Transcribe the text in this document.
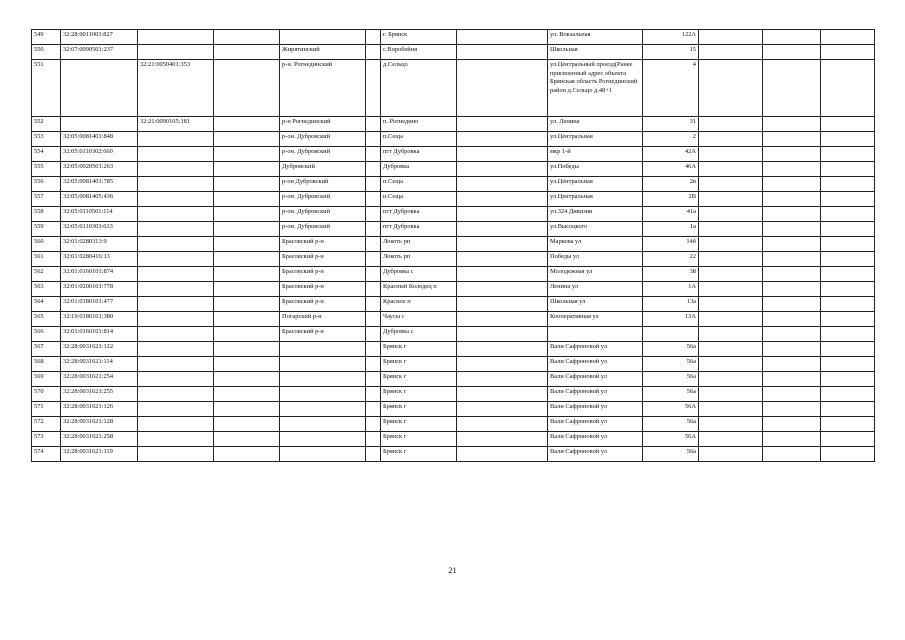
549	32:28:0011003:827					г. Брянск		ул. Вокзальная	122А			
550	32:07:0090501:237			Жирятинский		с.Воробейня		Школьная	15			
551		32:21:0050401:353		р-н. Рогнединский		д.Сельцо		ул.Центральный проезд(Ранее присвоенный адрес объекта Брянская область Рогнединский район д.Сельцо д.48+1	4			
552		32:21:0090105:181		р-н Рогнединский		п. Рогнедино		ул. Ленина	31			
553	32:05:0081401:848			р-он. Дубровский		п.Сеща		ул.Центральная	2			
554	32:05:0110302:660			р-он. Дубровский		пгт Дубровка		мкр 1-й	42А			
555	32:05:0020501:263			Дубровский		Дубровка		ул.Победы	46А			
556	32:05:0081401:785			р-он Дубровский		п.Сеща		ул.Центральная	2в			
557	32:05:0081405:436			р-он. Дубровский		п.Сеща		ул.Центральная	2В			
558	32:05:0110501:114			р-он. Дубровский		пгт Дубровка		ул.324 Дивизии	41а			
559	32:05:0110303:633			р-он. Дубровский		пгт Дубровка		ул.Высоцкого	1а			
560	32:01:0280313:9			Брасовский р-н		Локоть рп		Маркова ул	14б			
561	32:01:0280416:13			Брасовский р-н		Локоть рп		Победы ул	22			
562	32:01:0160101:874			Брасовский р-н		Дубровка с		Молодежная ул	38			
563	32:01:0200101:778			Брасовский р-н		Красный Колодец п		Ленина ул	1А			
564	32:01:0180101:477			Брасовский р-н		Красное п		Школьная ул	13а			
565	32:19:0180101:380			Погарский р-н		Чаусы с		Кооперативная ул	13А			
566	32:01:0160101:814			Брасовский р-н		Дубровка с						
567	32:28:0031621:122					Брянск г		Вали Сафроновой ул	56а			
568	32:28:0031621:114					Брянск г		Вали Сафроновой ул	56а			
569	32:28:0031621:254					Брянск г		Вали Сафроновой ул	56а			
570	32:28:0031621:255					Брянск г		Вали Сафроновой ул	56а			
571	32:28:0031621:126					Брянск г		Вали Сафроновой ул	56А			
572	32:28:0031621:128					Брянск г		Вали Сафроновой ул	56а			
573	32:28:0031621:258					Брянск г		Вали Сафроновой ул	56А			
574	32:28:0031621:119					Брянск г		Вали Сафроновой ул	56а			
21
